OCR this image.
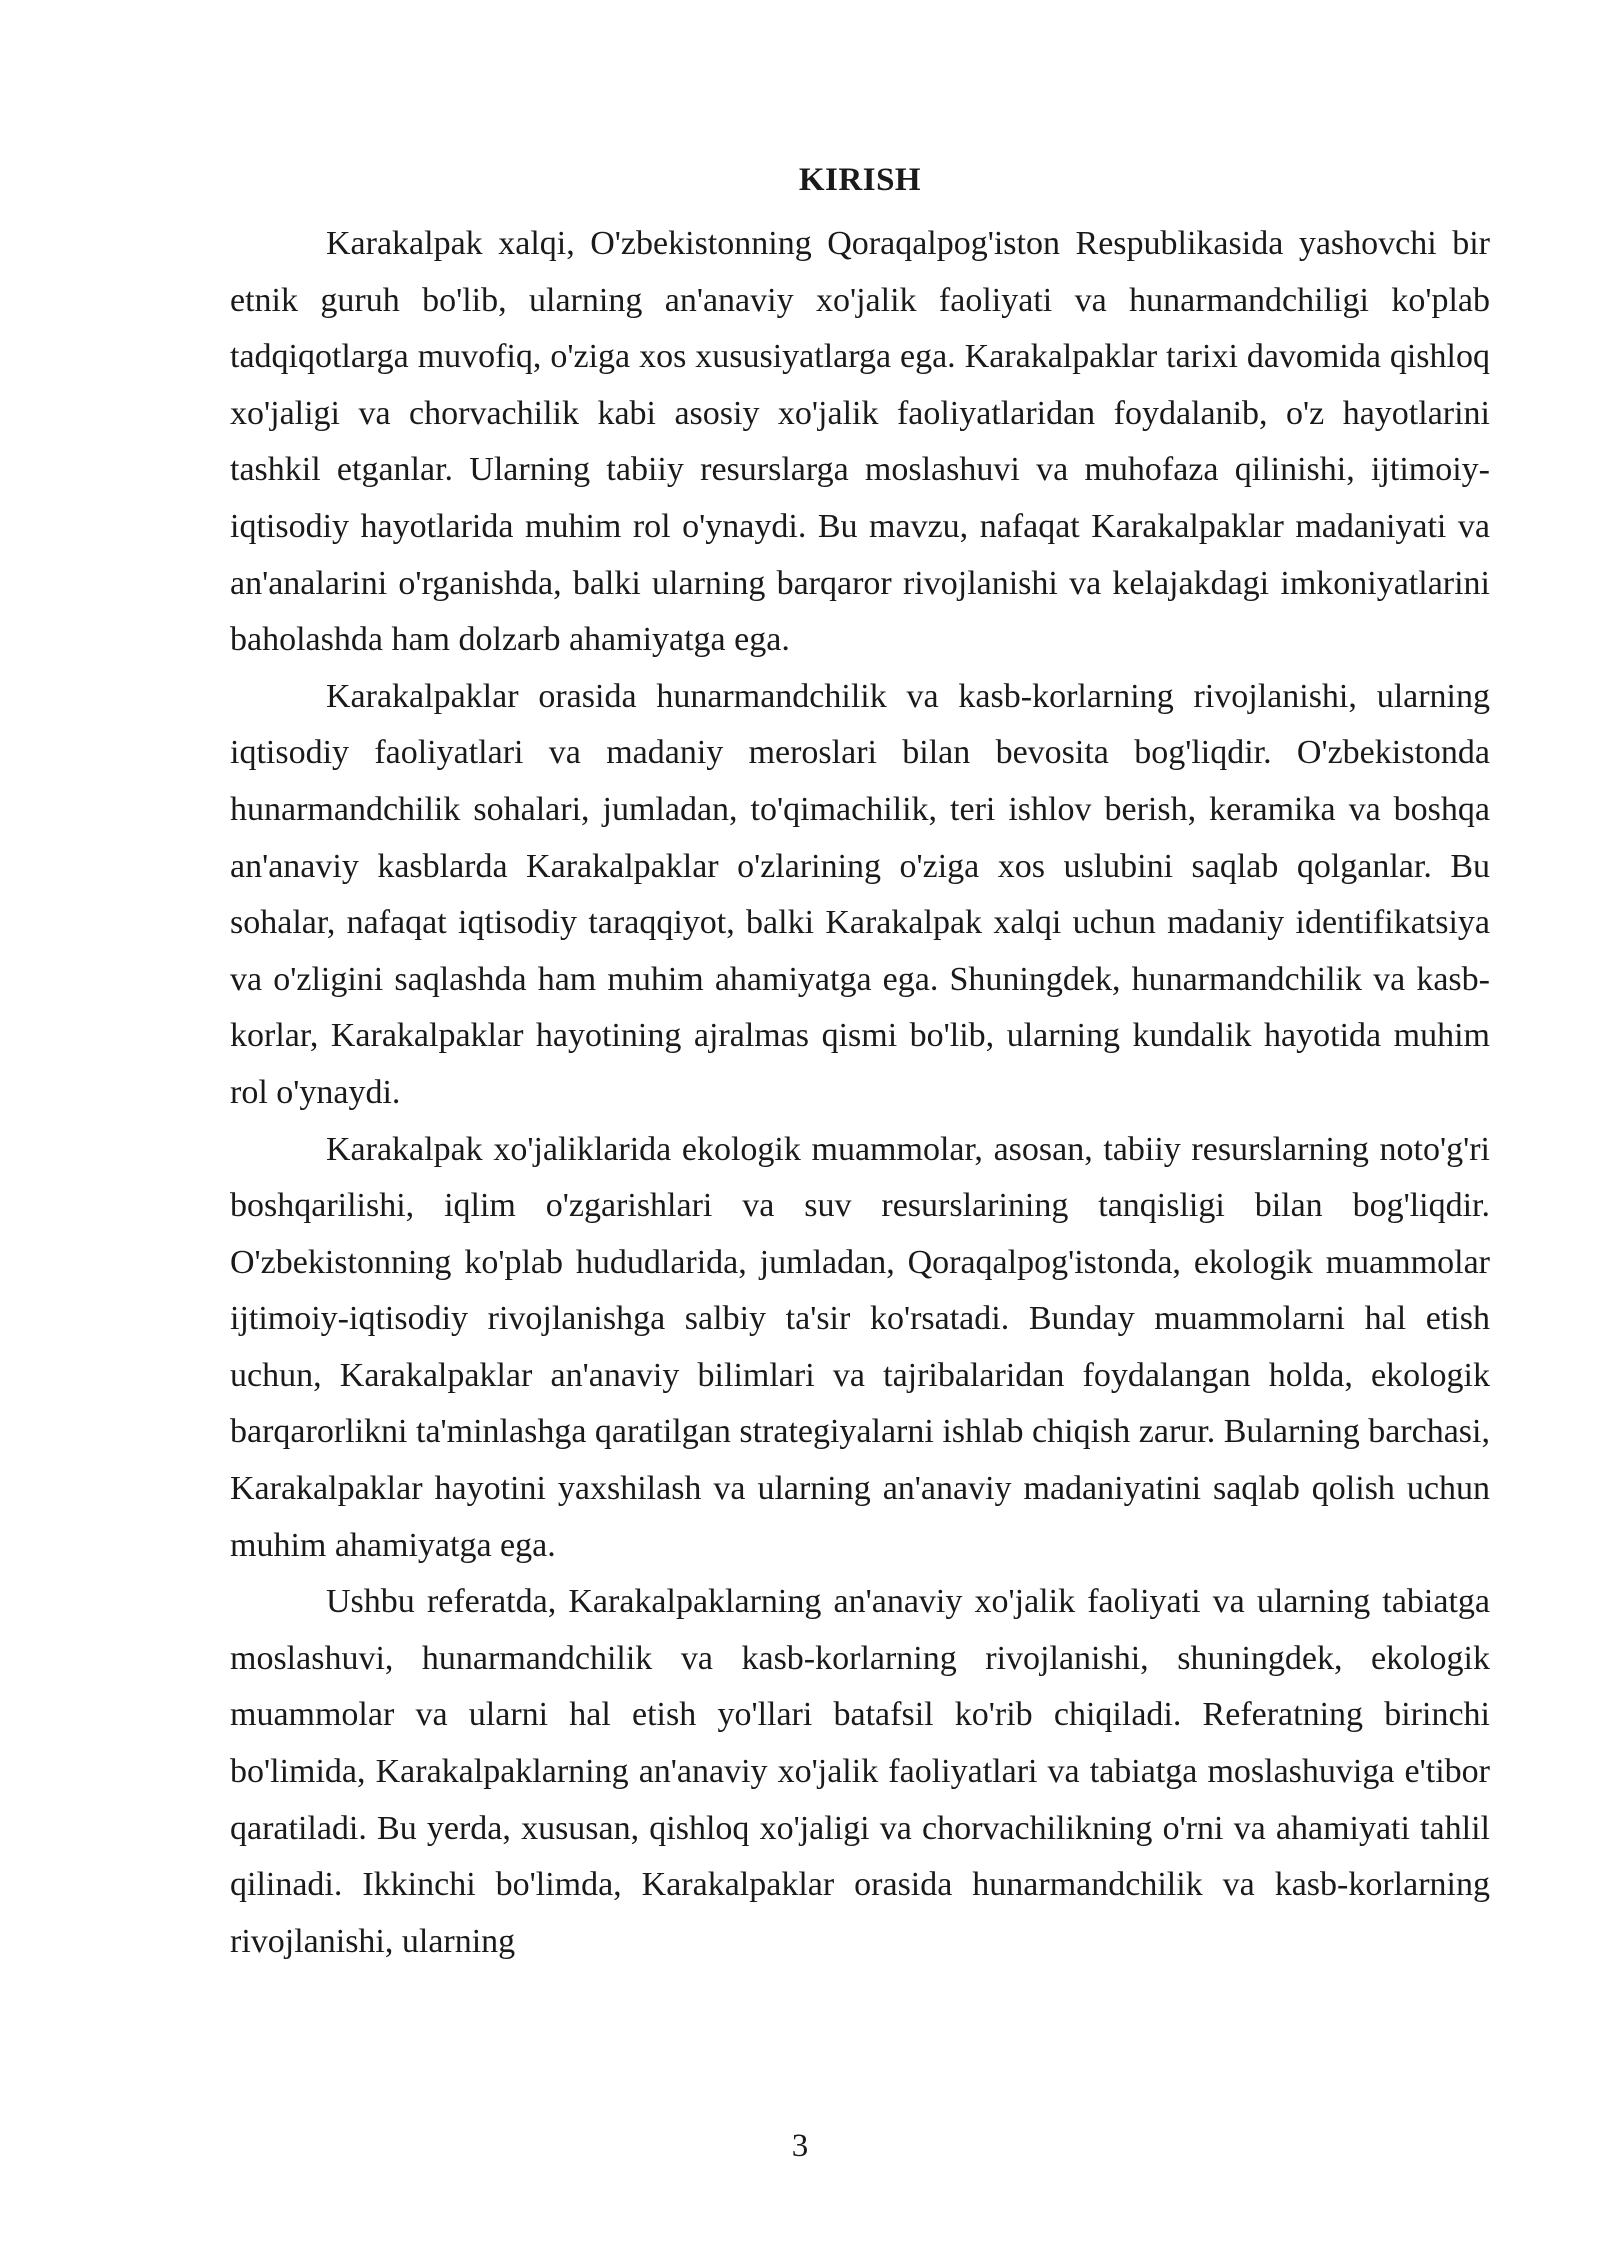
KIRISH

Karakalpak xalqi, O'zbekistonning Qoraqalpog'iston Respublikasida yashovchi bir etnik guruh bo'lib, ularning an'anaviy xo'jalik faoliyati va hunarmandchiligi ko'plab tadqiqotlarga muvofiq, o'ziga xos xususiyatlarga ega. Karakalpaklar tarixi davomida qishloq xo'jaligi va chorvachilik kabi asosiy xo'jalik faoliyatlaridan foydalanib, o'z hayotlarini tashkil etganlar. Ularning tabiiy resurslarga moslashuvi va muhofaza qilinishi, ijtimoiy-iqtisodiy hayotlarida muhim rol o'ynaydi. Bu mavzu, nafaqat Karakalpaklar madaniyati va an'analarini o'rganishda, balki ularning barqaror rivojlanishi va kelajakdagi imkoniyatlarini baholashda ham dolzarb ahamiyatga ega.

Karakalpaklar orasida hunarmandchilik va kasb-korlarning rivojlanishi, ularning iqtisodiy faoliyatlari va madaniy meroslari bilan bevosita bog'liqdir. O'zbekistonda hunarmandchilik sohalari, jumladan, to'qimachilik, teri ishlov berish, keramika va boshqa an'anaviy kasblarda Karakalpaklar o'zlarining o'ziga xos uslubini saqlab qolganlar. Bu sohalar, nafaqat iqtisodiy taraqqiyot, balki Karakalpak xalqi uchun madaniy identifikatsiya va o'zligini saqlashda ham muhim ahamiyatga ega. Shuningdek, hunarmandchilik va kasb-korlar, Karakalpaklar hayotining ajralmas qismi bo'lib, ularning kundalik hayotida muhim rol o'ynaydi.

Karakalpak xo'jaliklarida ekologik muammolar, asosan, tabiiy resurslarning noto'g'ri boshqarilishi, iqlim o'zgarishlari va suv resurslarining tanqisligi bilan bog'liqdir. O'zbekistonning ko'plab hududlarida, jumladan, Qoraqalpog'istonda, ekologik muammolar ijtimoiy-iqtisodiy rivojlanishga salbiy ta'sir ko'rsatadi. Bunday muammolarni hal etish uchun, Karakalpaklar an'anaviy bilimlari va tajribalaridan foydalangan holda, ekologik barqarorlikni ta'minlashga qaratilgan strategiyalarni ishlab chiqish zarur. Bularning barchasi, Karakalpaklar hayotini yaxshilash va ularning an'anaviy madaniyatini saqlab qolish uchun muhim ahamiyatga ega.

Ushbu referatda, Karakalpaklarning an'anaviy xo'jalik faoliyati va ularning tabiatga moslashuvi, hunarmandchilik va kasb-korlarning rivojlanishi, shuningdek, ekologik muammolar va ularni hal etish yo'llari batafsil ko'rib chiqiladi. Referatning birinchi bo'limida, Karakalpaklarning an'anaviy xo'jalik faoliyatlari va tabiatga moslashuviga e'tibor qaratiladi. Bu yerda, xususan, qishloq xo'jaligi va chorvachilikning o'rni va ahamiyati tahlil qilinadi. Ikkinchi bo'limda, Karakalpaklar orasida hunarmandchilik va kasb-korlarning rivojlanishi, ularning

3
